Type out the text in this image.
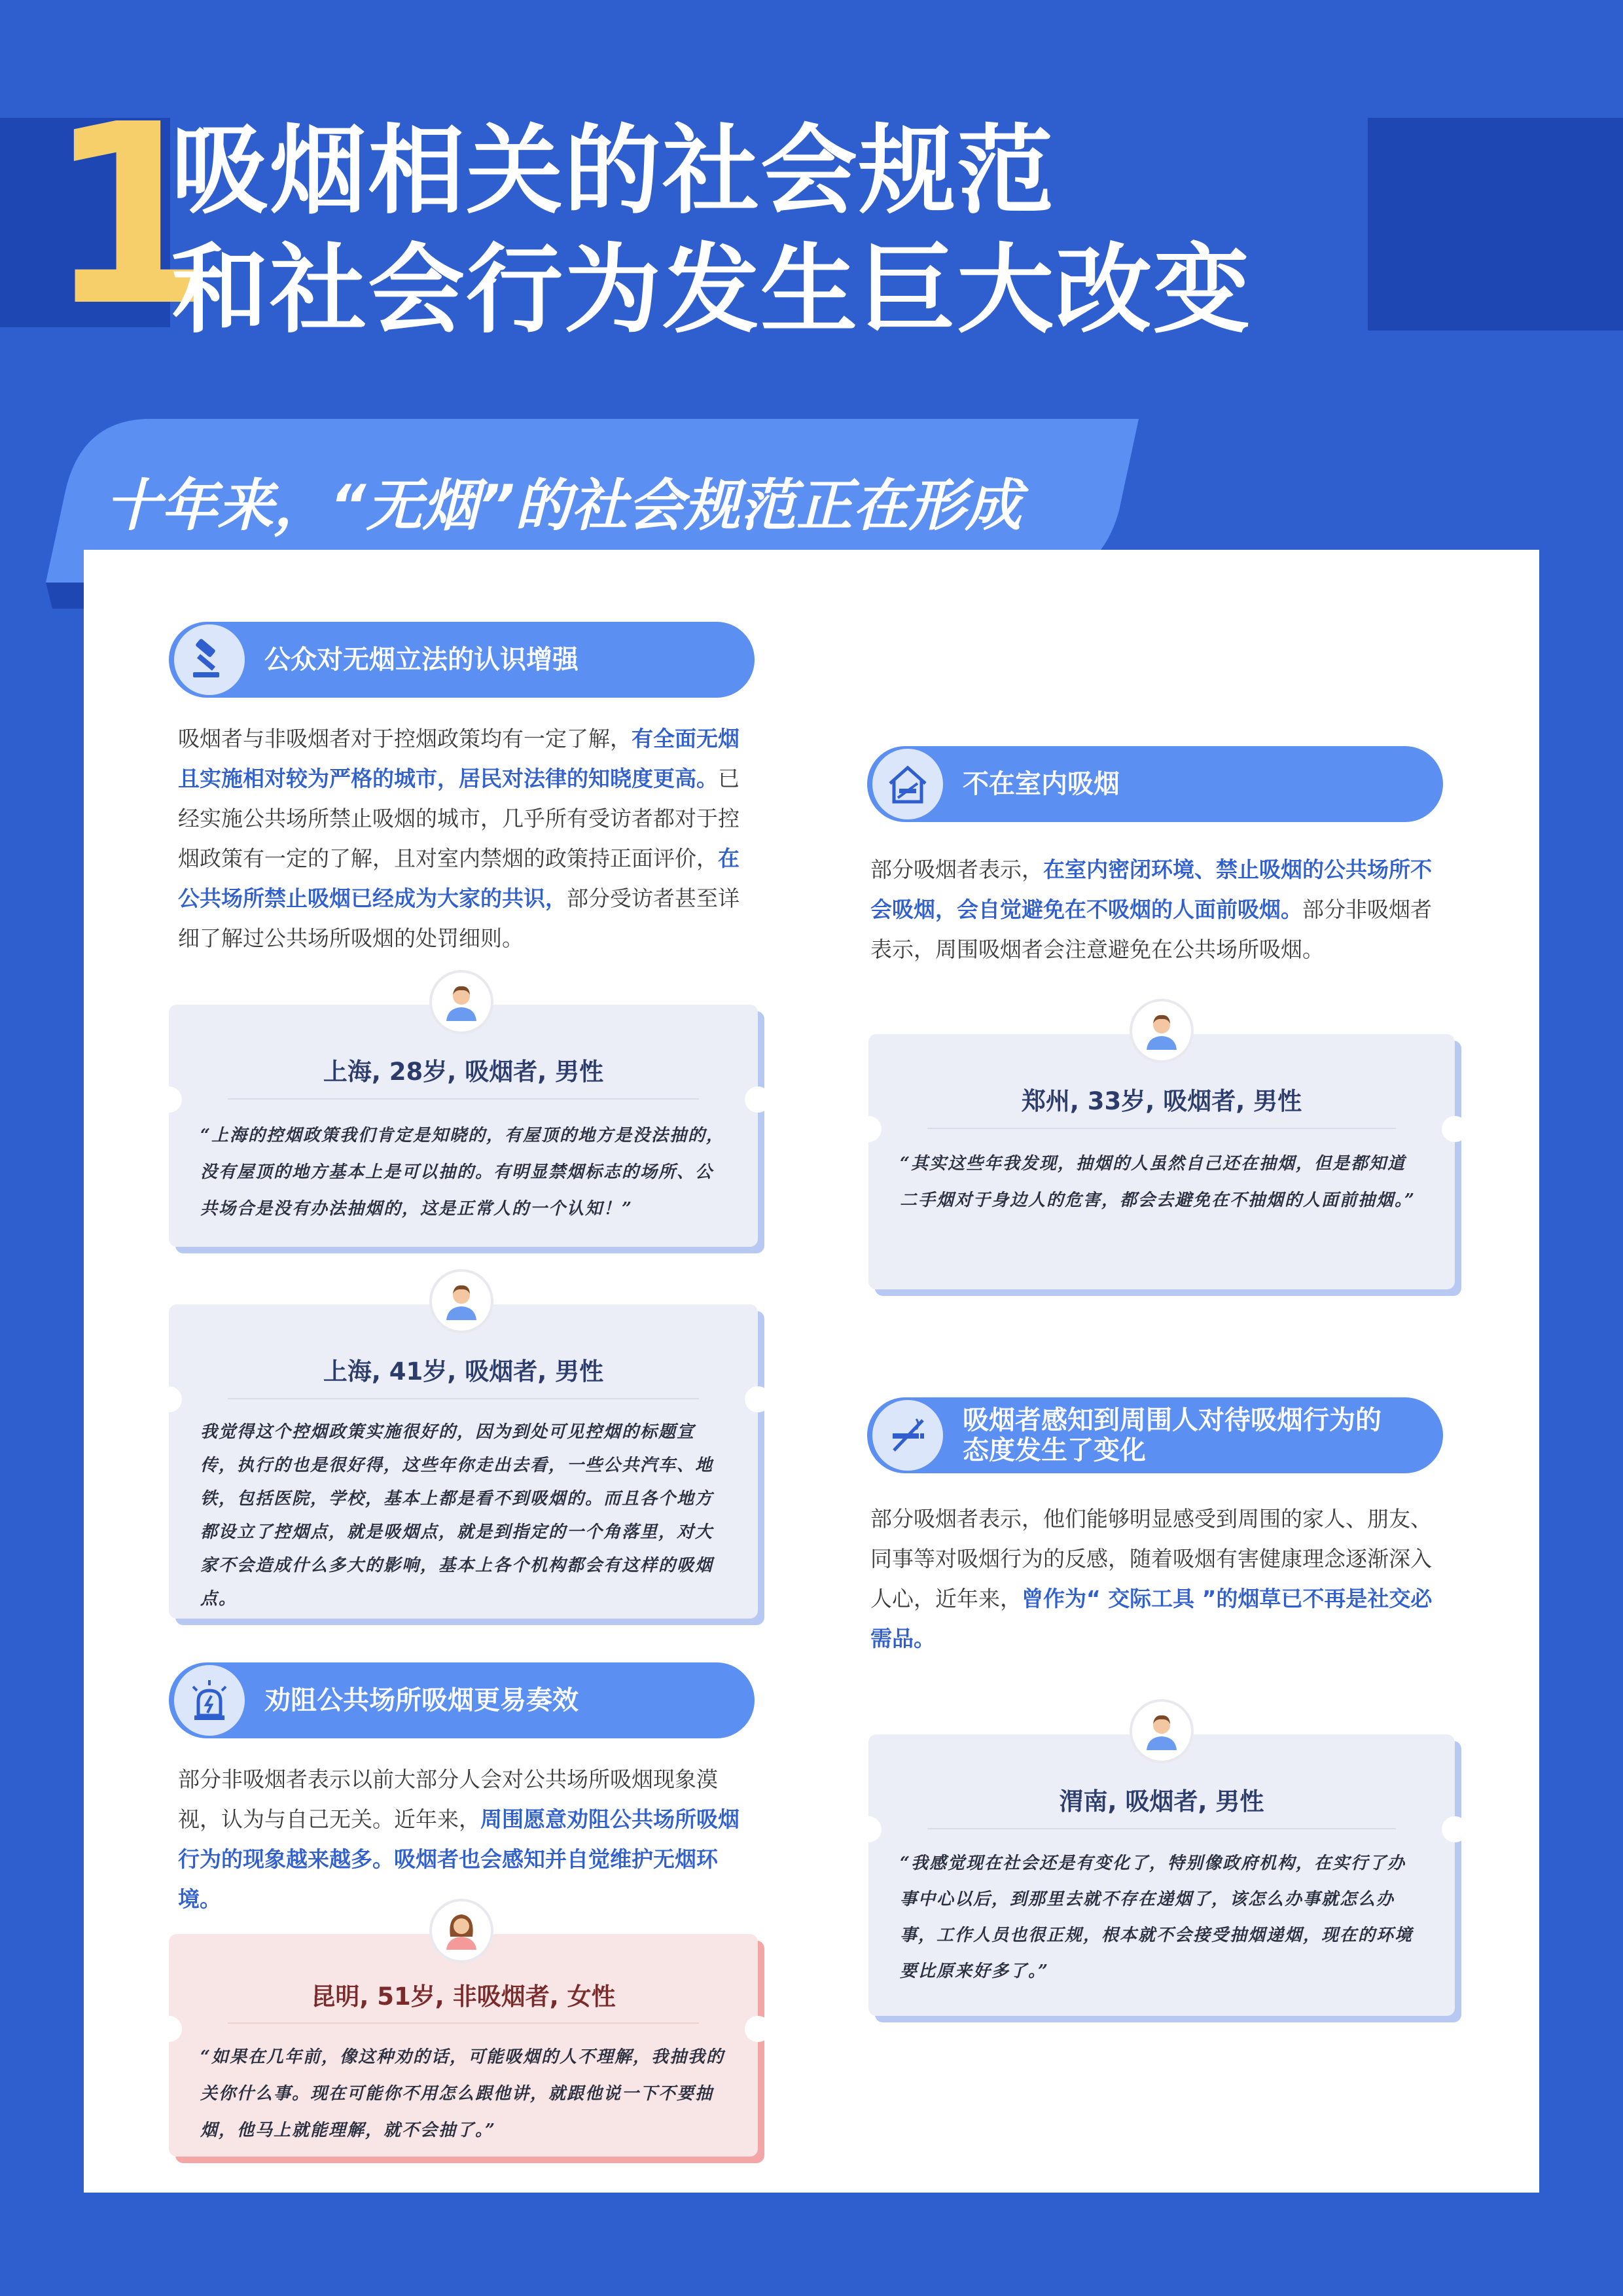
1
吸烟相关的社会规范
和社会行为发生巨大改变
十年来，“无烟”的社会规范正在形成
公众对无烟立法的认识增强
吸烟者与非吸烟者对于控烟政策均有一定了解，有全面无烟且实施相对较为严格的城市，居民对法律的知晓度更高。已经实施公共场所禁止吸烟的城市，几乎所有受访者都对于控烟政策有一定的了解，且对室内禁烟的政策持正面评价，在公共场所禁止吸烟已经成为大家的共识，部分受访者甚至详细了解过公共场所吸烟的处罚细则。
上海, 28岁, 吸烟者, 男性
“上海的控烟政策我们肯定是知晓的，有屋顶的地方是没法抽的，没有屋顶的地方基本上是可以抽的。有明显禁烟标志的场所、公共场合是没有办法抽烟的，这是正常人的一个认知！”
上海, 41岁, 吸烟者, 男性
我觉得这个控烟政策实施很好的，因为到处可见控烟的标题宣传，执行的也是很好得，这些年你走出去看，一些公共汽车、地铁，包括医院，学校，基本上都是看不到吸烟的。而且各个地方都设立了控烟点，就是吸烟点，就是到指定的一个角落里，对大家不会造成什么多大的影响，基本上各个机构都会有这样的吸烟点。
劝阻公共场所吸烟更易奏效
部分非吸烟者表示以前大部分人会对公共场所吸烟现象漠视，认为与自己无关。近年来，周围愿意劝阻公共场所吸烟行为的现象越来越多。吸烟者也会感知并自觉维护无烟环境。
昆明, 51岁, 非吸烟者, 女性
“如果在几年前，像这种劝的话，可能吸烟的人不理解，我抽我的关你什么事。现在可能你不用怎么跟他讲，就跟他说一下不要抽烟，他马上就能理解，就不会抽了。”
不在室内吸烟
部分吸烟者表示，在室内密闭环境、禁止吸烟的公共场所不会吸烟，会自觉避免在不吸烟的人面前吸烟。部分非吸烟者表示，周围吸烟者会注意避免在公共场所吸烟。
郑州, 33岁, 吸烟者, 男性
“其实这些年我发现，抽烟的人虽然自己还在抽烟，但是都知道二手烟对于身边人的危害，都会去避免在不抽烟的人面前抽烟。”
吸烟者感知到周围人对待吸烟行为的
态度发生了变化
部分吸烟者表示，他们能够明显感受到周围的家人、朋友、同事等对吸烟行为的反感，随着吸烟有害健康理念逐渐深入人心，近年来，曾作为“ 交际工具 ”的烟草已不再是社交必需品。
渭南, 吸烟者, 男性
“我感觉现在社会还是有变化了，特别像政府机构，在实行了办事中心以后，到那里去就不存在递烟了，该怎么办事就怎么办事，工作人员也很正规，根本就不会接受抽烟递烟，现在的环境要比原来好多了。”
